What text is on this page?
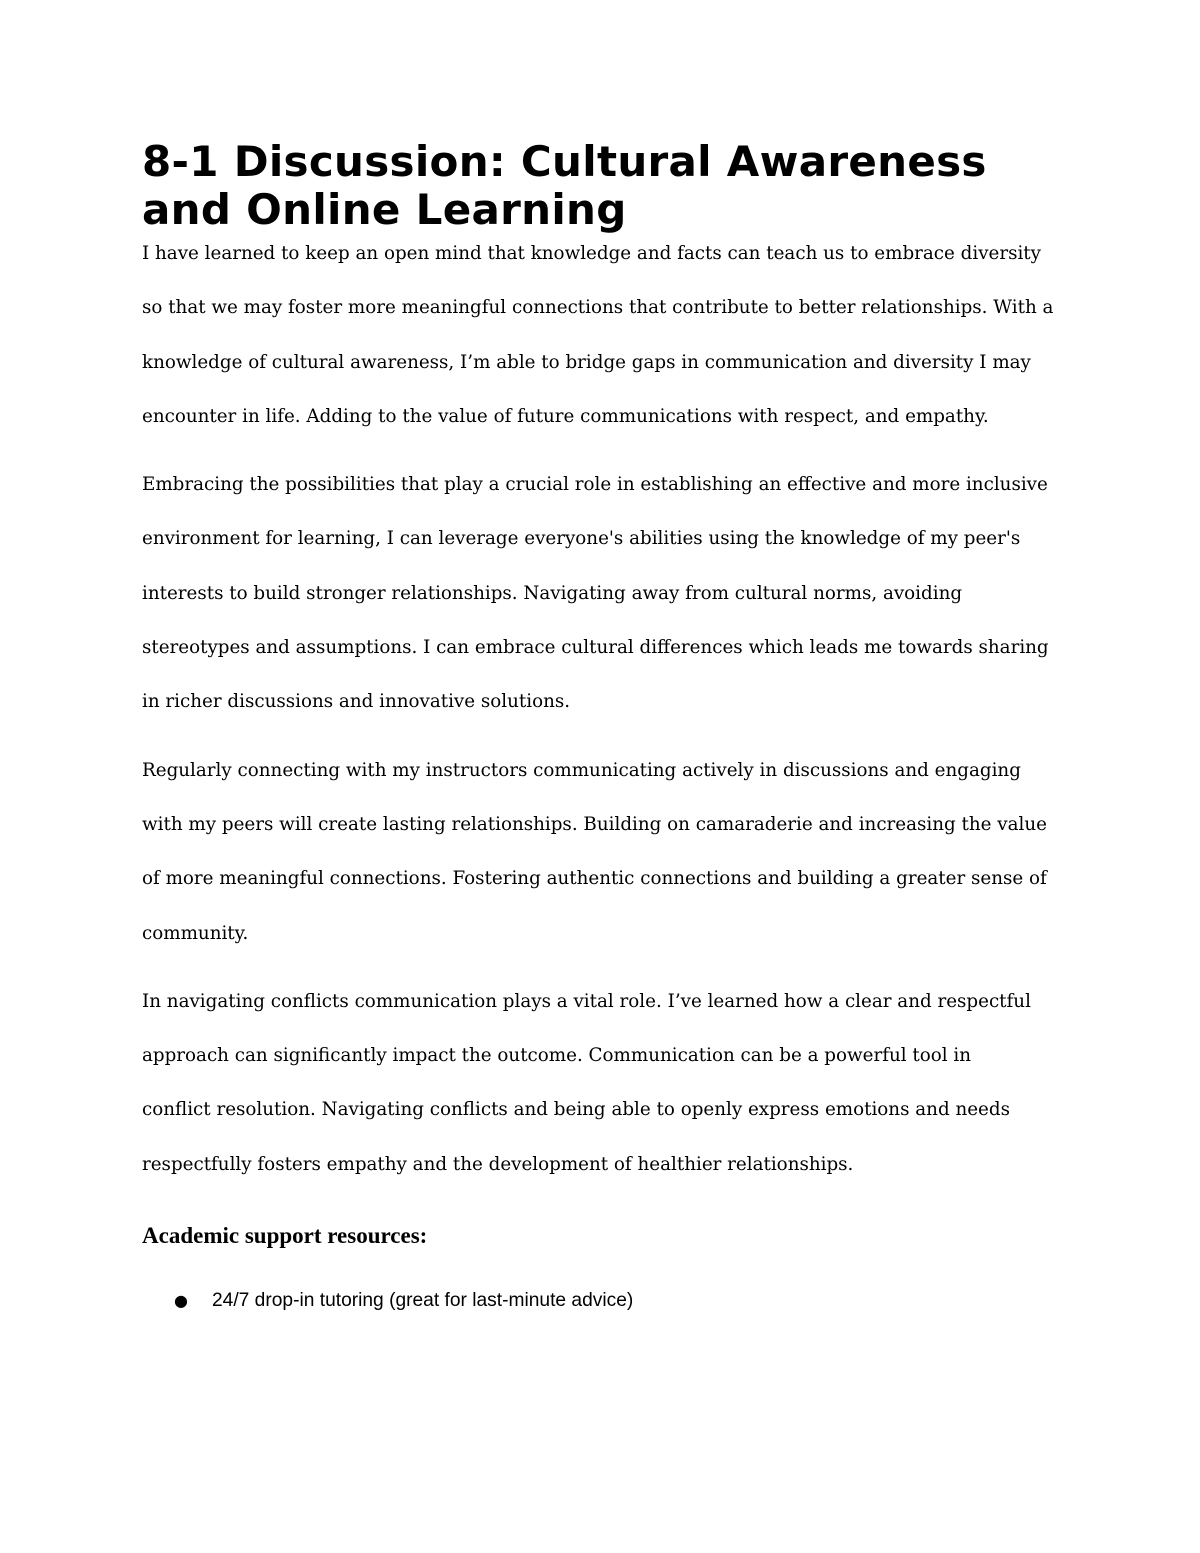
8-1 Discussion: Cultural Awareness
and Online Learning

I have learned to keep an open mind that knowledge and facts can teach us to embrace diversity
so that we may foster more meaningful connections that contribute to better relationships. With a
knowledge of cultural awareness, I’m able to bridge gaps in communication and diversity I may
encounter in life. Adding to the value of future communications with respect, and empathy.

Embracing the possibilities that play a crucial role in establishing an effective and more inclusive
environment for learning, I can leverage everyone's abilities using the knowledge of my peer's
interests to build stronger relationships. Navigating away from cultural norms, avoiding
stereotypes and assumptions. I can embrace cultural differences which leads me towards sharing
in richer discussions and innovative solutions.

Regularly connecting with my instructors communicating actively in discussions and engaging
with my peers will create lasting relationships. Building on camaraderie and increasing the value
of more meaningful connections. Fostering authentic connections and building a greater sense of
community.

In navigating conflicts communication plays a vital role. I’ve learned how a clear and respectful
approach can significantly impact the outcome. Communication can be a powerful tool in
conflict resolution. Navigating conflicts and being able to openly express emotions and needs
respectfully fosters empathy and the development of healthier relationships.

Academic support resources:
● 24/7 drop-in tutoring (great for last-minute advice)
